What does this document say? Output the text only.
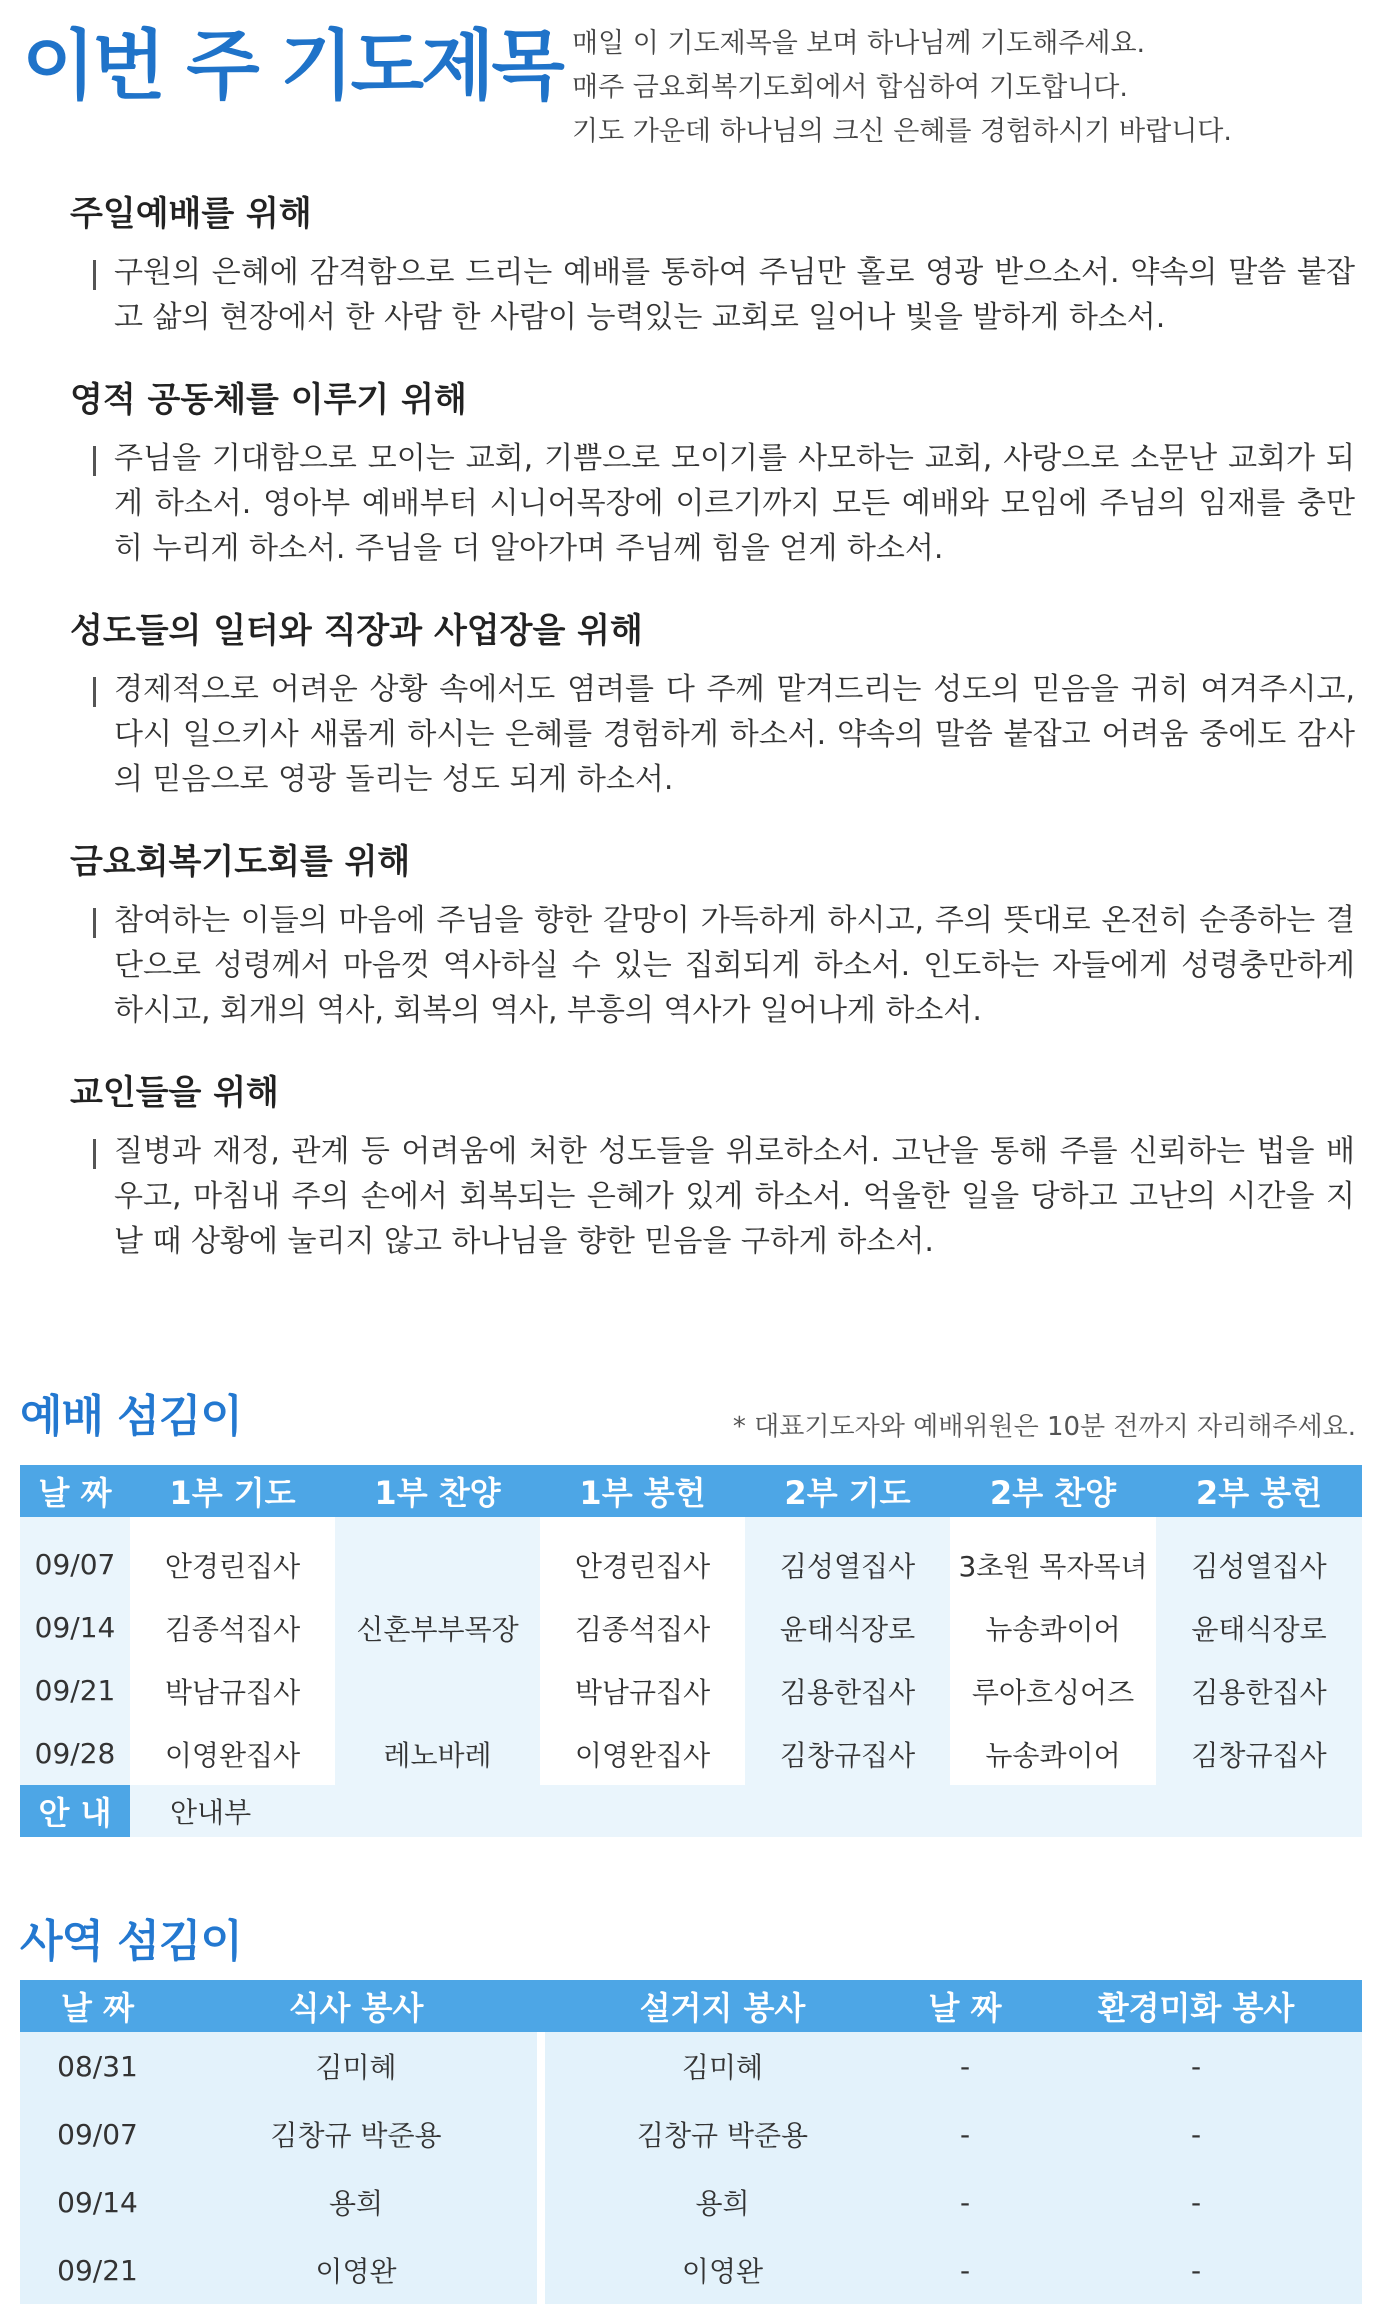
이번 주 기도제목 매일 이 기도제목을 보며 하나님께 기도해주세요.
매주 금요회복기도회에서 합심하여 기도합니다.
기도 가운데 하나님의 크신 은혜를 경험하시기 바랍니다.
주일예배를 위해
구원의 은혜에 감격함으로 드리는 예배를 통하여 주님만 홀로 영광 받으소서. 약속의 말씀 붙잡고 삶의 현장에서 한 사람 한 사람이 능력있는 교회로 일어나 빛을 발하게 하소서.
영적 공동체를 이루기 위해
주님을 기대함으로 모이는 교회, 기쁨으로 모이기를 사모하는 교회, 사랑으로 소문난 교회가 되게 하소서. 영아부 예배부터 시니어목장에 이르기까지 모든 예배와 모임에 주님의 임재를 충만히 누리게 하소서. 주님을 더 알아가며 주님께 힘을 얻게 하소서.
성도들의 일터와 직장과 사업장을 위해
경제적으로 어려운 상황 속에서도 염려를 다 주께 맡겨드리는 성도의 믿음을 귀히 여겨주시고, 다시 일으키사 새롭게 하시는 은혜를 경험하게 하소서. 약속의 말씀 붙잡고 어려움 중에도 감사의 믿음으로 영광 돌리는 성도 되게 하소서.
금요회복기도회를 위해
참여하는 이들의 마음에 주님을 향한 갈망이 가득하게 하시고, 주의 뜻대로 온전히 순종하는 결단으로 성령께서 마음껏 역사하실 수 있는 집회되게 하소서. 인도하는 자들에게 성령충만하게 하시고, 회개의 역사, 회복의 역사, 부흥의 역사가 일어나게 하소서.
교인들을 위해
질병과 재정, 관계 등 어려움에 처한 성도들을 위로하소서. 고난을 통해 주를 신뢰하는 법을 배우고, 마침내 주의 손에서 회복되는 은혜가 있게 하소서. 억울한 일을 당하고 고난의 시간을 지날 때 상황에 눌리지 않고 하나님을 향한 믿음을 구하게 하소서.
예배 섬김이	* 대표기도자와 예배위원은 10분 전까지 자리해주세요.
날 짜	1부 기도	1부 찬양	1부 봉헌	2부 기도	2부 찬양	2부 봉헌

09/07	안경린집사		안경린집사	김성열집사	3초원 목자목녀	김성열집사
09/14	김종석집사	신혼부부목장	김종석집사	윤태식장로	뉴송콰이어	윤태식장로
09/21	박남규집사		박남규집사	김용한집사	루아흐싱어즈	김용한집사
09/28	이영완집사	레노바레	이영완집사	김창규집사	뉴송콰이어	김창규집사
안 내	안내부					
사역 섬김이
날 짜	식사 봉사		설거지 봉사	날 짜	환경미화 봉사
08/31	김미혜		김미혜	-	-
09/07	김창규 박준용		김창규 박준용	-	-
09/14	용희		용희	-	-
09/21	이영완		이영완	-	-
